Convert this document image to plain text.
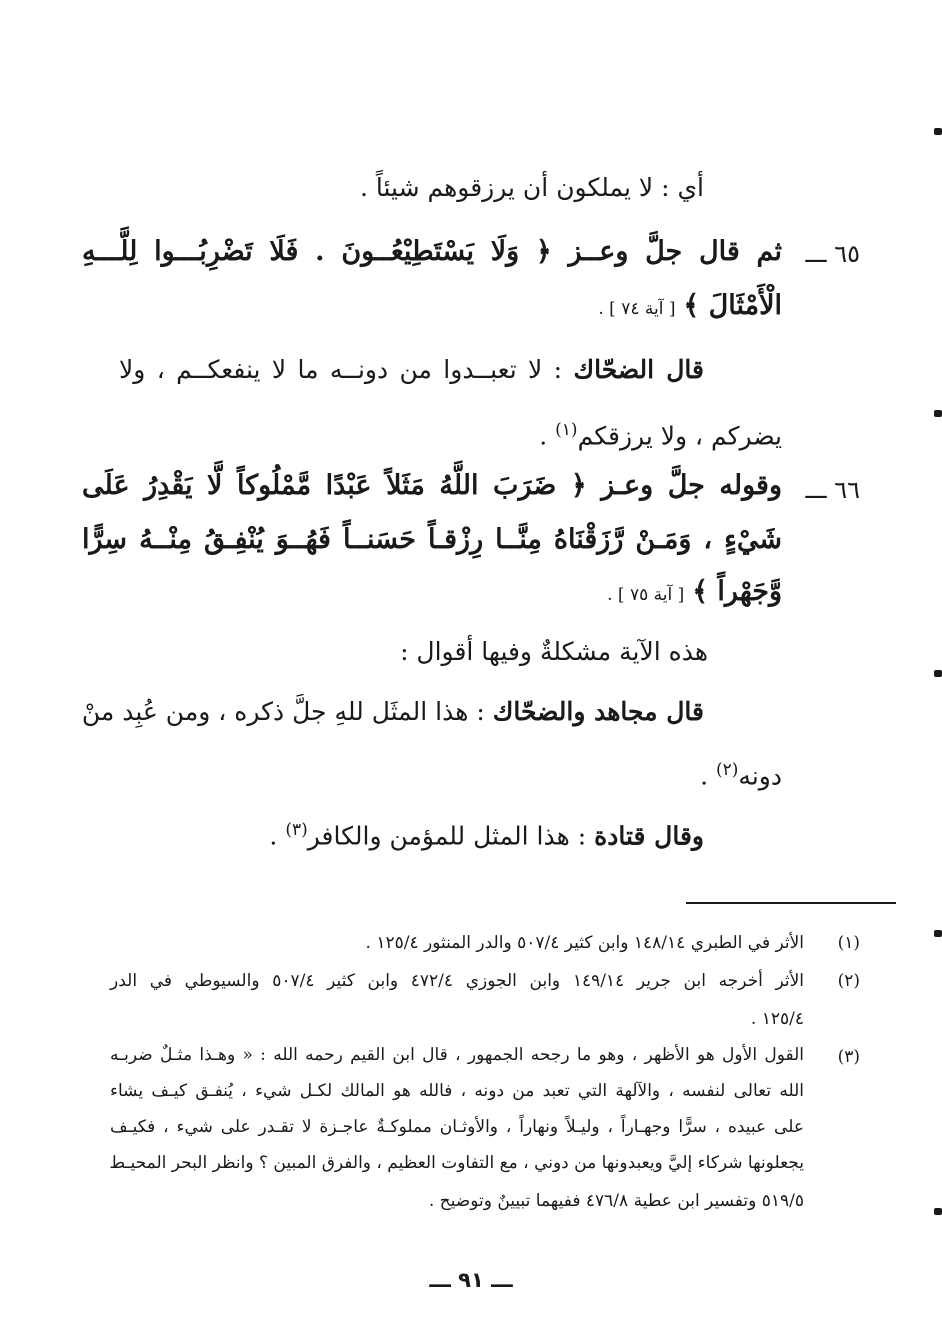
أي : لا يملكون أن يرزقوهم شيئاً .
٦٥ ـــ
ثم قال جلَّ وعــز ﴿ وَلَا يَسْتَطِيْعُــونَ . فَلَا تَضْرِبُـــوا لِلَّـــهِ
الْأَمْثَالَ ﴾ [ آية ٧٤ ] .
قال الضحّاك : لا تعبــدوا من دونــه ما لا ينفعكــم ، ولا
يضركم ، ولا يرزقكم$^{(١)}$ .
٦٦ ـــ
وقوله جلَّ وعـز ﴿ ضَرَبَ اللَّهُ مَثَلاً عَبْدًا مَّمْلُوكاً لَّا يَقْدِرُ عَلَى
شَيْءٍ ، وَمَـنْ رَّزَقْنَاهُ مِنَّــا رِزْقـاً حَسَنــاً فَهُــوَ يُنْفِـقُ مِنْــهُ سِرًّا
وَّجَهْراً ﴾ [ آية ٧٥ ] .
هذه الآية مشكلةٌ وفيها أقوال :
قال مجاهد والضحّاك : هذا المثَل للهِ جلَّ ذكره ، ومن عُبِد منْ
دونه$^{(٢)}$ .
وقال قتادة : هذا المثل للمؤمن والكافر$^{(٣)}$ .
(١)
الأثر في الطبري ١٤٨/١٤ وابن كثير ٥٠٧/٤ والدر المنثور ١٢٥/٤ .
(٢)
الأثر أخرجه ابن جرير ١٤٩/١٤ وابن الجوزي ٤٧٢/٤ وابن كثير ٥٠٧/٤ والسيوطي في الدر
١٢٥/٤ .
(٣)
القول الأول هو الأظهر ، وهو ما رجحه الجمهور ، قال ابن القيم رحمه الله : « وهـذا مثـلٌ ضربـه
الله تعالى لنفسه ، والآلهة التي تعبد من دونه ، فالله هو المالك لكـل شيء ، يُنفـق كيـف يشاء
على عبيده ، سرًّا وجهـاراً ، وليـلاً ونهاراً ، والأوثـان مملوكـةٌ عاجـزة لا تقـدر على شيء ، فكيـف
يجعلونها شركاء إليَّ ويعبدونها من دوني ، مع التفاوت العظيم ، والفرق المبين ؟ وانظر البحر المحيـط
٥١٩/٥ وتفسير ابن عطية ٤٧٦/٨ ففيهما تبيينٌ وتوضيح .
ـــ ٩١ ـــ
